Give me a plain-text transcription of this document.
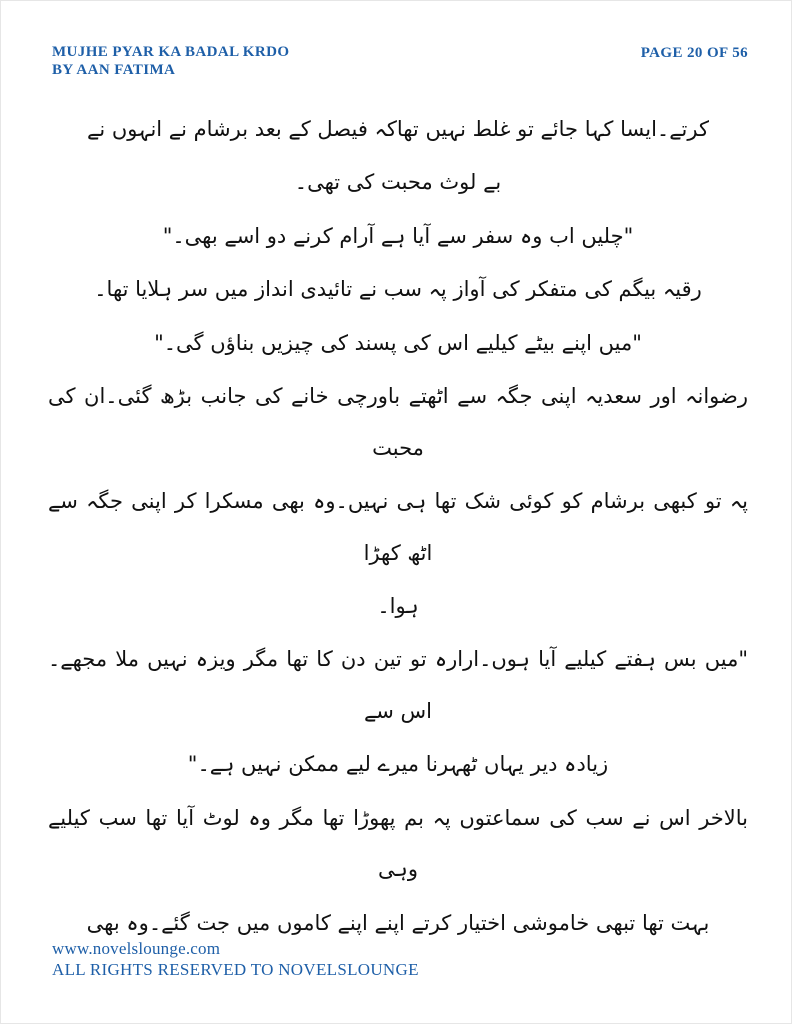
MUJHE PYAR KA BADAL KRDO
BY AAN FATIMA
PAGE 20 OF 56

کرتے۔ایسا کہا جائے تو غلط نہیں تھاکہ فیصل کے بعد برشام نے انہوں نے

بے لوث محبت کی تھی۔

"چلیں اب وہ سفر سے آیا ہے آرام کرنے دو اسے بھی۔"

رقیہ بیگم کی متفکر کی آواز پہ سب نے تائیدی انداز میں سر ہلایا تھا۔

"میں اپنے بیٹے کیلیے اس کی پسند کی چیزیں بناؤں گی۔"

رضوانہ اور سعدیہ اپنی جگہ سے اٹھتے باورچی خانے کی جانب بڑھ گئی۔ان کی محبت

پہ تو کبھی برشام کو کوئی شک تھا ہی نہیں۔وہ بھی مسکرا کر اپنی جگہ سے اٹھ کھڑا

ہوا۔

"میں بس ہفتے کیلیے آیا ہوں۔ارارہ تو تین دن کا تھا مگر ویزہ نہیں ملا مجھے۔اس سے

زیادہ دیر یہاں ٹھہرنا میرے لیے ممکن نہیں ہے۔"

بالاخر اس نے سب کی سماعتوں پہ بم پھوڑا تھا مگر وہ لوٹ آیا تھا سب کیلیے وہی

بہت تھا تبھی خاموشی اختیار کرتے اپنے اپنے کاموں میں جت گئے۔وہ بھی

www.novelslounge.com
ALL RIGHTS RESERVED TO NOVELSLOUNGE
